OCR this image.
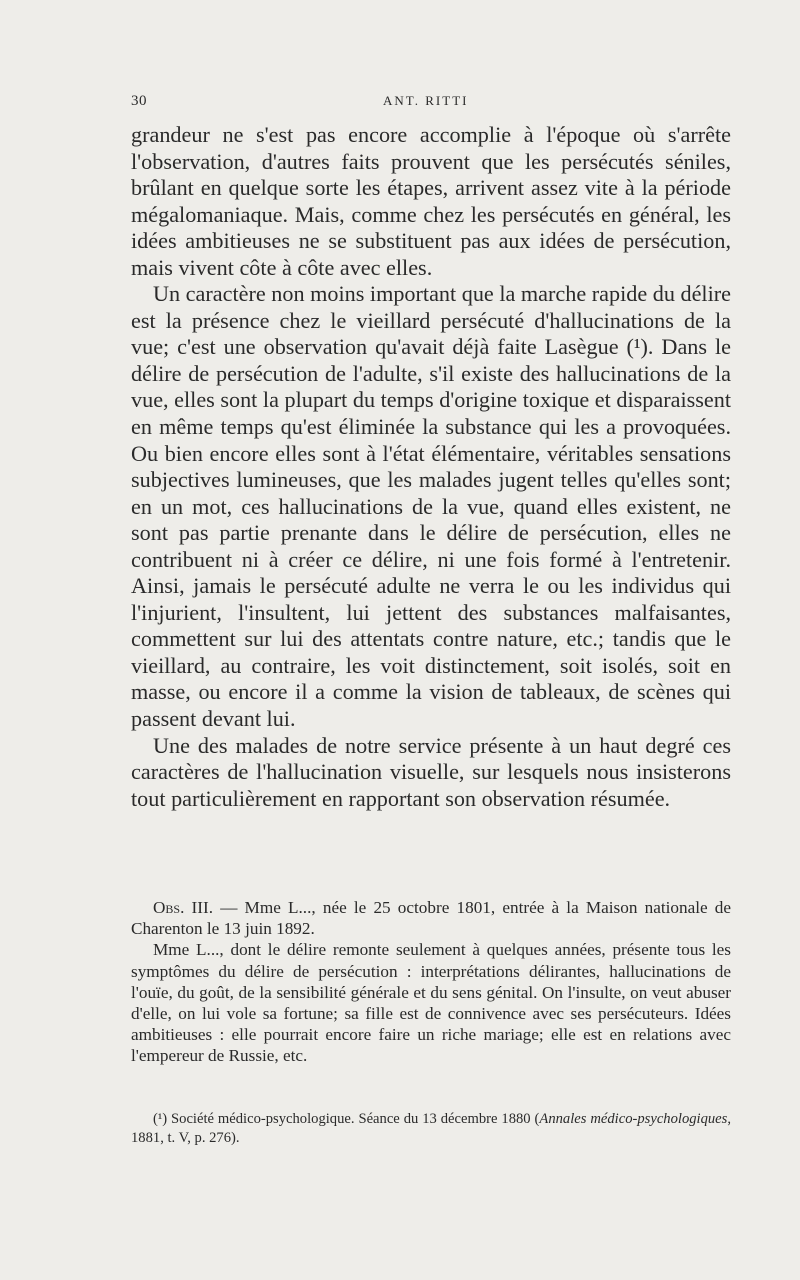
30	ANT. RITTI

grandeur ne s'est pas encore accomplie à l'époque où s'arrête l'observation, d'autres faits prouvent que les persécutés séniles, brûlant en quelque sorte les étapes, arrivent assez vite à la période mégalomaniaque. Mais, comme chez les persécutés en général, les idées ambitieuses ne se substituent pas aux idées de persécution, mais vivent côte à côte avec elles.

Un caractère non moins important que la marche rapide du délire est la présence chez le vieillard persécuté d'hallucinations de la vue; c'est une observation qu'avait déjà faite Lasègue (¹). Dans le délire de persécution de l'adulte, s'il existe des hallucinations de la vue, elles sont la plupart du temps d'origine toxique et disparaissent en même temps qu'est éliminée la substance qui les a provoquées. Ou bien encore elles sont à l'état élémentaire, véritables sensations subjectives lumineuses, que les malades jugent telles qu'elles sont; en un mot, ces hallucinations de la vue, quand elles existent, ne sont pas partie prenante dans le délire de persécution, elles ne contribuent ni à créer ce délire, ni une fois formé à l'entretenir. Ainsi, jamais le persécuté adulte ne verra le ou les individus qui l'injurient, l'insultent, lui jettent des substances malfaisantes, commettent sur lui des attentats contre nature, etc.; tandis que le vieillard, au contraire, les voit distinctement, soit isolés, soit en masse, ou encore il a comme la vision de tableaux, de scènes qui passent devant lui.

Une des malades de notre service présente à un haut degré ces caractères de l'hallucination visuelle, sur lesquels nous insisterons tout particulièrement en rapportant son observation résumée.

Obs. III. — Mme L..., née le 25 octobre 1801, entrée à la Maison nationale de Charenton le 13 juin 1892.

Mme L..., dont le délire remonte seulement à quelques années, présente tous les symptômes du délire de persécution : interprétations délirantes, hallucinations de l'ouïe, du goût, de la sensibilité générale et du sens génital. On l'insulte, on veut abuser d'elle, on lui vole sa fortune; sa fille est de connivence avec ses persécuteurs. Idées ambitieuses : elle pourrait encore faire un riche mariage; elle est en relations avec l'empereur de Russie, etc.

(¹) Société médico-psychologique. Séance du 13 décembre 1880 (Annales médico-psychologiques, 1881, t. V, p. 276).
